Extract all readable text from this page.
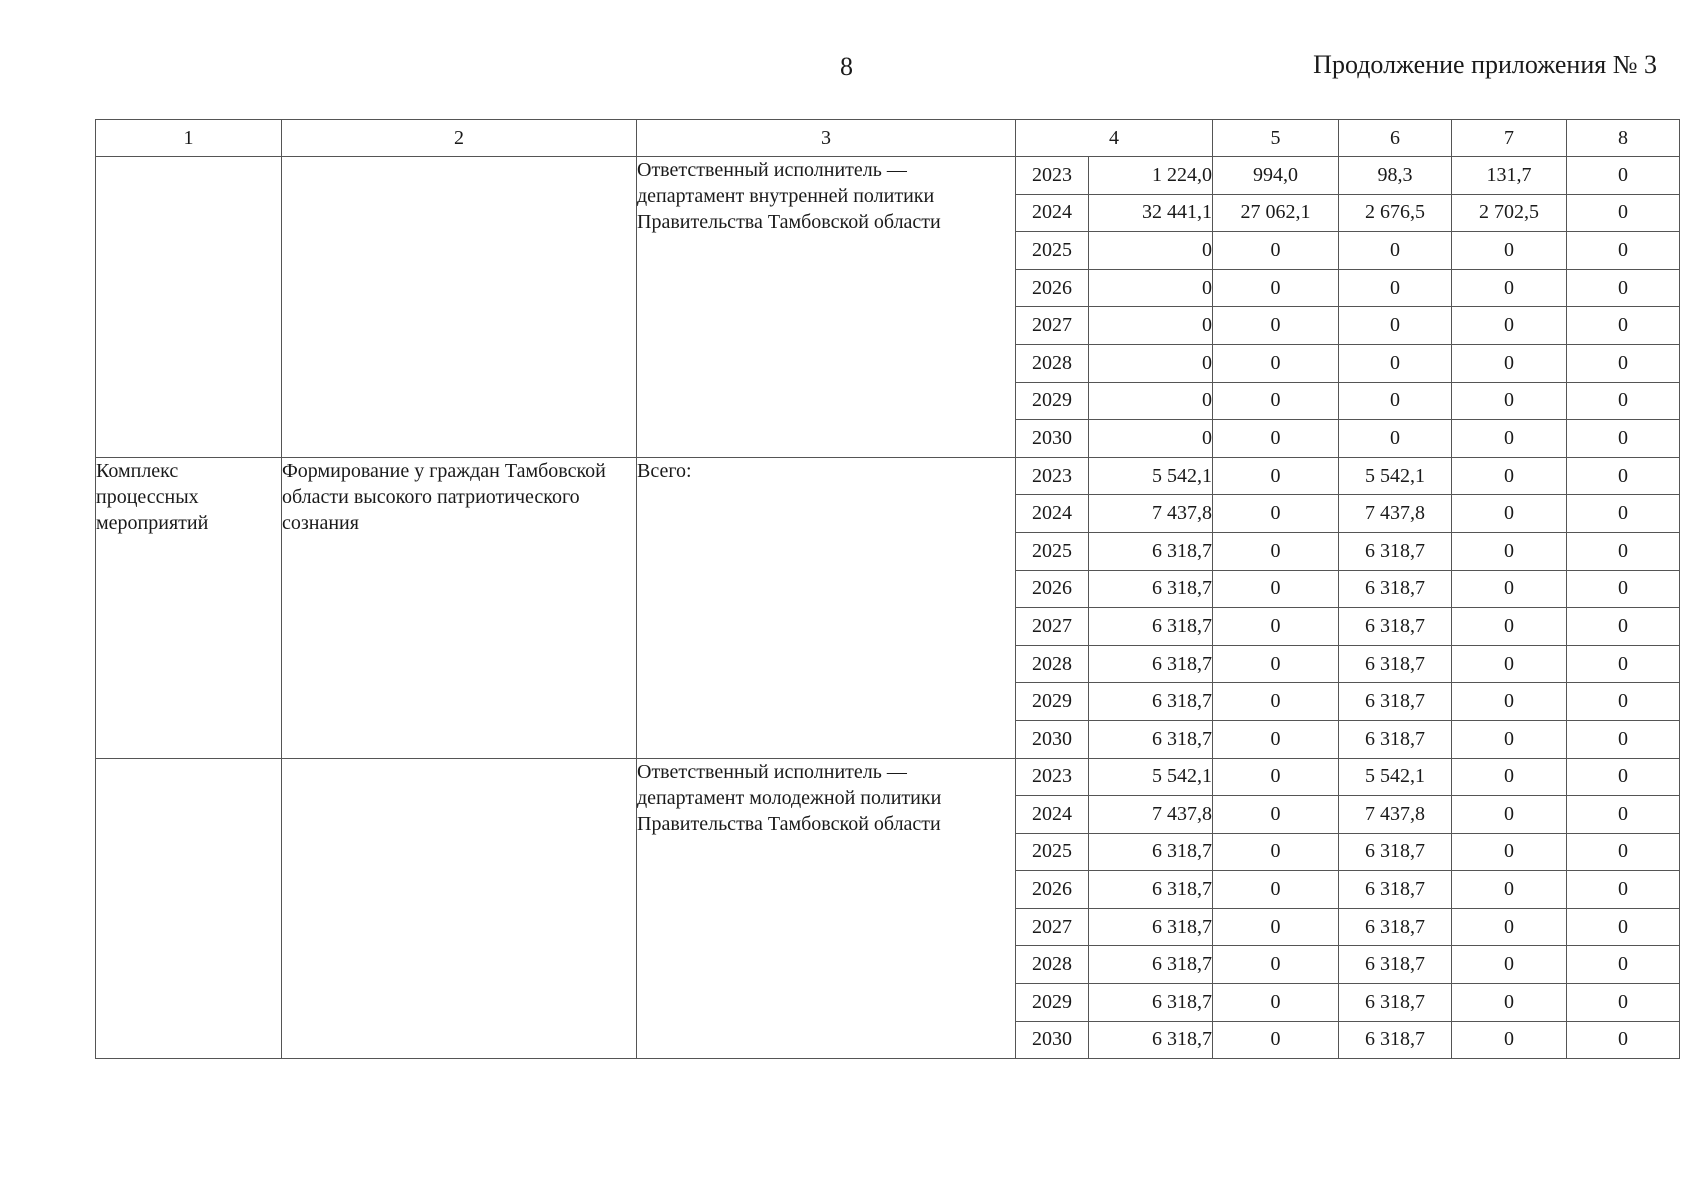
8	Продолжение приложения № 3
1	2	3	4		5	6	7	8
		Ответственный исполнитель — департамент внутренней политики Правительства Тамбовской области	2023	1 224,0	994,0	98,3	131,7	0
			2024	32 441,1	27 062,1	2 676,5	2 702,5	0
			2025	0	0	0	0	0
			2026	0	0	0	0	0
			2027	0	0	0	0	0
			2028	0	0	0	0	0
			2029	0	0	0	0	0
			2030	0	0	0	0	0
Комплекс процессных мероприятий	Формирование у граждан Тамбовской области высокого патриотического сознания	Всего:	2023	5 542,1	0	5 542,1	0	0
			2024	7 437,8	0	7 437,8	0	0
			2025	6 318,7	0	6 318,7	0	0
			2026	6 318,7	0	6 318,7	0	0
			2027	6 318,7	0	6 318,7	0	0
			2028	6 318,7	0	6 318,7	0	0
			2029	6 318,7	0	6 318,7	0	0
			2030	6 318,7	0	6 318,7	0	0
		Ответственный исполнитель — департамент молодежной политики Правительства Тамбовской области	2023	5 542,1	0	5 542,1	0	0
			2024	7 437,8	0	7 437,8	0	0
			2025	6 318,7	0	6 318,7	0	0
			2026	6 318,7	0	6 318,7	0	0
			2027	6 318,7	0	6 318,7	0	0
			2028	6 318,7	0	6 318,7	0	0
			2029	6 318,7	0	6 318,7	0	0
			2030	6 318,7	0	6 318,7	0	0
